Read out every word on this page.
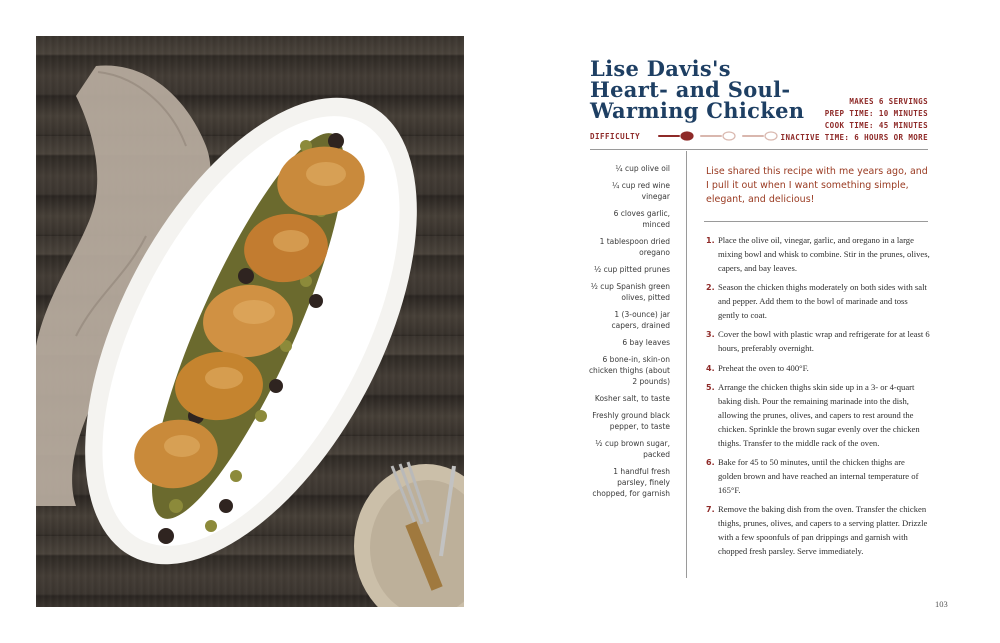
Lise Davis's
Heart- and Soul-
Warming Chicken	MAKES 6 SERVINGS
PREP TIME: 10 MINUTES
COOK TIME: 45 MINUTES
INACTIVE TIME: 6 HOURS OR MORE
DIFFICULTY
¼ cup olive oil
¼ cup red wine vinegar
6 cloves garlic, minced
1 tablespoon dried oregano
½ cup pitted prunes
½ cup Spanish green olives, pitted
1 (3-ounce) jar capers, drained
6 bay leaves
6 bone-in, skin-on chicken thighs (about 2 pounds)
Kosher salt, to taste
Freshly ground black pepper, to taste
½ cup brown sugar, packed
1 handful fresh parsley, finely chopped, for garnish

Lise shared this recipe with me years ago, and I pull it out when I want something simple, elegant, and delicious!

1. Place the olive oil, vinegar, garlic, and oregano in a large mixing bowl and whisk to combine. Stir in the prunes, olives, capers, and bay leaves.
2. Season the chicken thighs moderately on both sides with salt and pepper. Add them to the bowl of marinade and toss gently to coat.
3. Cover the bowl with plastic wrap and refrigerate for at least 6 hours, preferably overnight.
4. Preheat the oven to 400°F.
5. Arrange the chicken thighs skin side up in a 3- or 4-quart baking dish. Pour the remaining marinade into the dish, allowing the prunes, olives, and capers to rest around the chicken. Sprinkle the brown sugar evenly over the chicken thighs. Transfer to the middle rack of the oven.
6. Bake for 45 to 50 minutes, until the chicken thighs are golden brown and have reached an internal temperature of 165°F.
7. Remove the baking dish from the oven. Transfer the chicken thighs, prunes, olives, and capers to a serving platter. Drizzle with a few spoonfuls of pan drippings and garnish with chopped fresh parsley. Serve immediately.
103
